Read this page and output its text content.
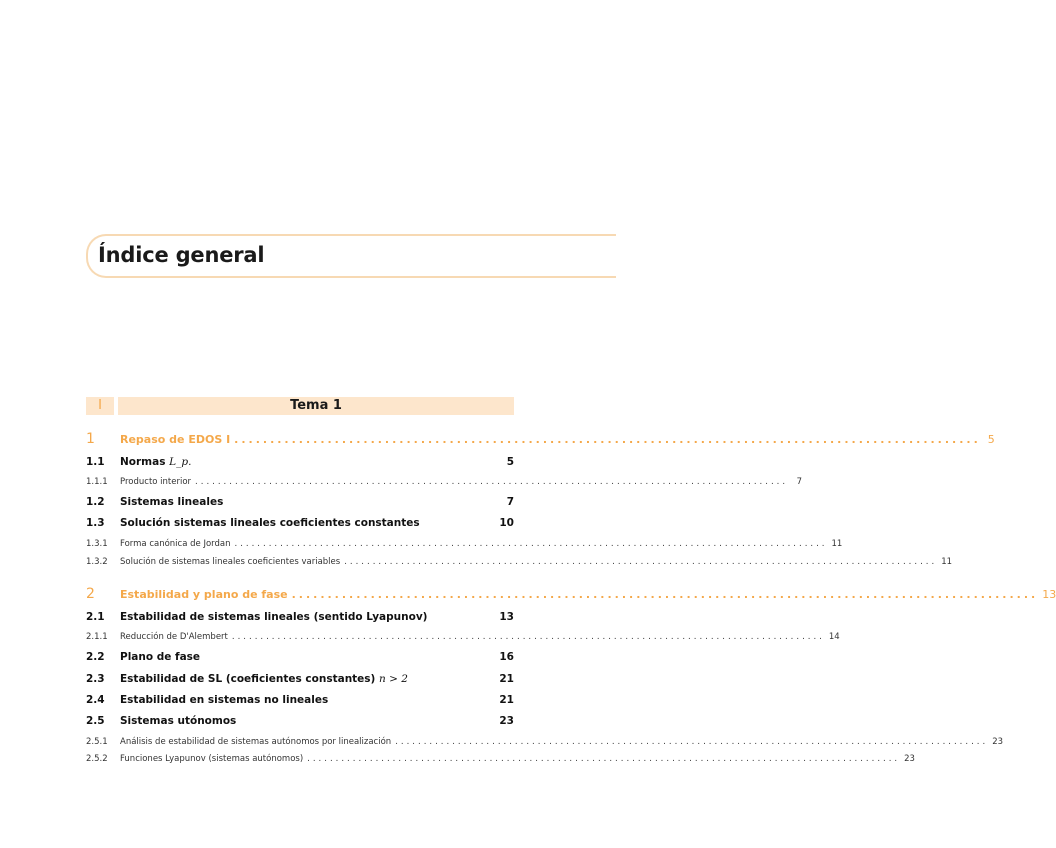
Índice general
I	Tema 1
1	Repaso de EDOS I ........................................................................................................ 5
1.1	Normas L_p.	5
1.1.1	Producto interior ........................................................................................................	7
1.2	Sistemas lineales	7
1.3	Solución sistemas lineales coeficientes constantes	10
1.3.1	Forma canónica de Jordan ........................................................................................................ 11
1.3.2	Solución de sistemas lineales coeficientes variables ........................................................................................................ 11
2	Estabilidad y plano de fase ........................................................................................................ 13
2.1	Estabilidad de sistemas lineales (sentido Lyapunov)	13
2.1.1	Reducción de D'Alembert ........................................................................................................ 14
2.2	Plano de fase	16
2.3	Estabilidad de SL (coeficientes constantes) n > 2	21
2.4	Estabilidad en sistemas no lineales	21
2.5	Sistemas utónomos	23
2.5.1	Análisis de estabilidad de sistemas autónomos por linealización ........................................................................................................ 23
2.5.2	Funciones Lyapunov (sistemas autónomos) ........................................................................................................ 23
